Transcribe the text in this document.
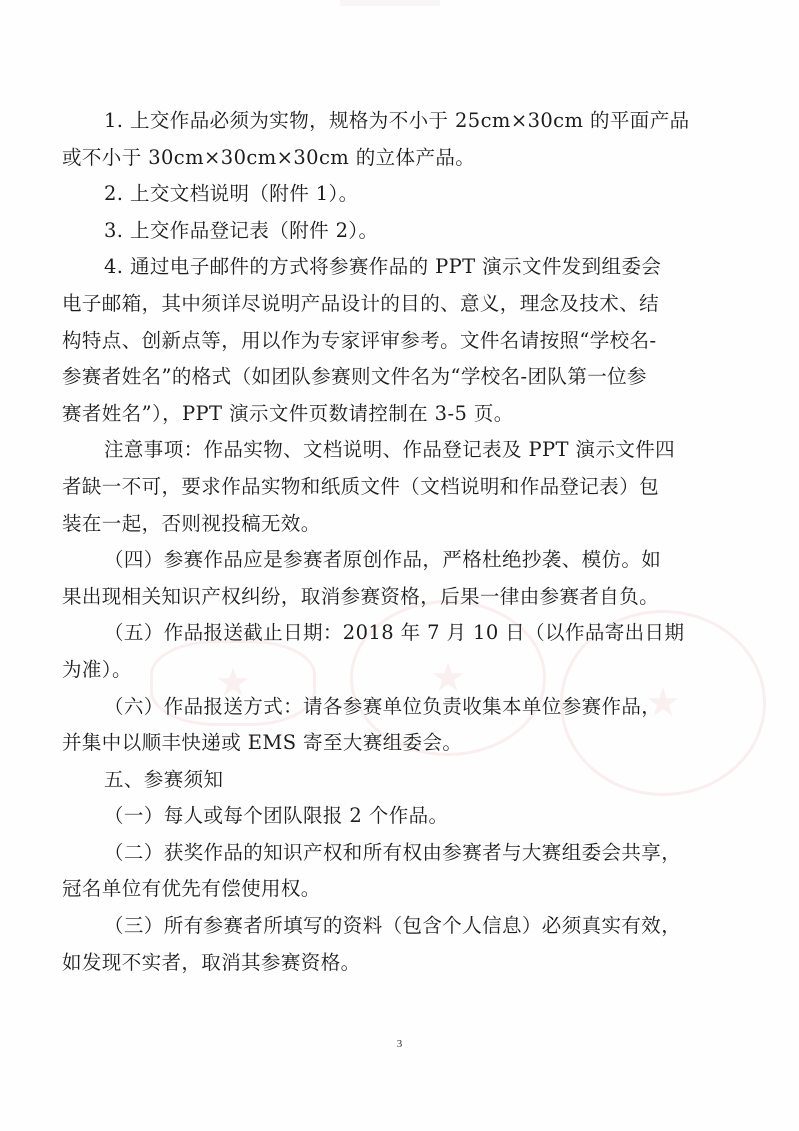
★	★
★

1. 上交作品必须为实物，规格为不小于 25cm×30cm 的平面产品
或不小于 30cm×30cm×30cm 的立体产品。

2. 上交文档说明（附件 1）。

3. 上交作品登记表（附件 2）。

4. 通过电子邮件的方式将参赛作品的 PPT 演示文件发到组委会
电子邮箱，其中须详尽说明产品设计的目的、意义，理念及技术、结
构特点、创新点等，用以作为专家评审参考。文件名请按照“学校名-
参赛者姓名”的格式（如团队参赛则文件名为“学校名-团队第一位参
赛者姓名”），PPT 演示文件页数请控制在 3-5 页。

注意事项：作品实物、文档说明、作品登记表及 PPT 演示文件四
者缺一不可，要求作品实物和纸质文件（文档说明和作品登记表）包
装在一起，否则视投稿无效。

（四）参赛作品应是参赛者原创作品，严格杜绝抄袭、模仿。如
果出现相关知识产权纠纷，取消参赛资格，后果一律由参赛者自负。

（五）作品报送截止日期：2018 年 7 月 10 日（以作品寄出日期
为准）。

（六）作品报送方式：请各参赛单位负责收集本单位参赛作品，
并集中以顺丰快递或 EMS 寄至大赛组委会。

五、参赛须知

（一）每人或每个团队限报 2 个作品。

（二）获奖作品的知识产权和所有权由参赛者与大赛组委会共享，
冠名单位有优先有偿使用权。

（三）所有参赛者所填写的资料（包含个人信息）必须真实有效，
如发现不实者，取消其参赛资格。

3
